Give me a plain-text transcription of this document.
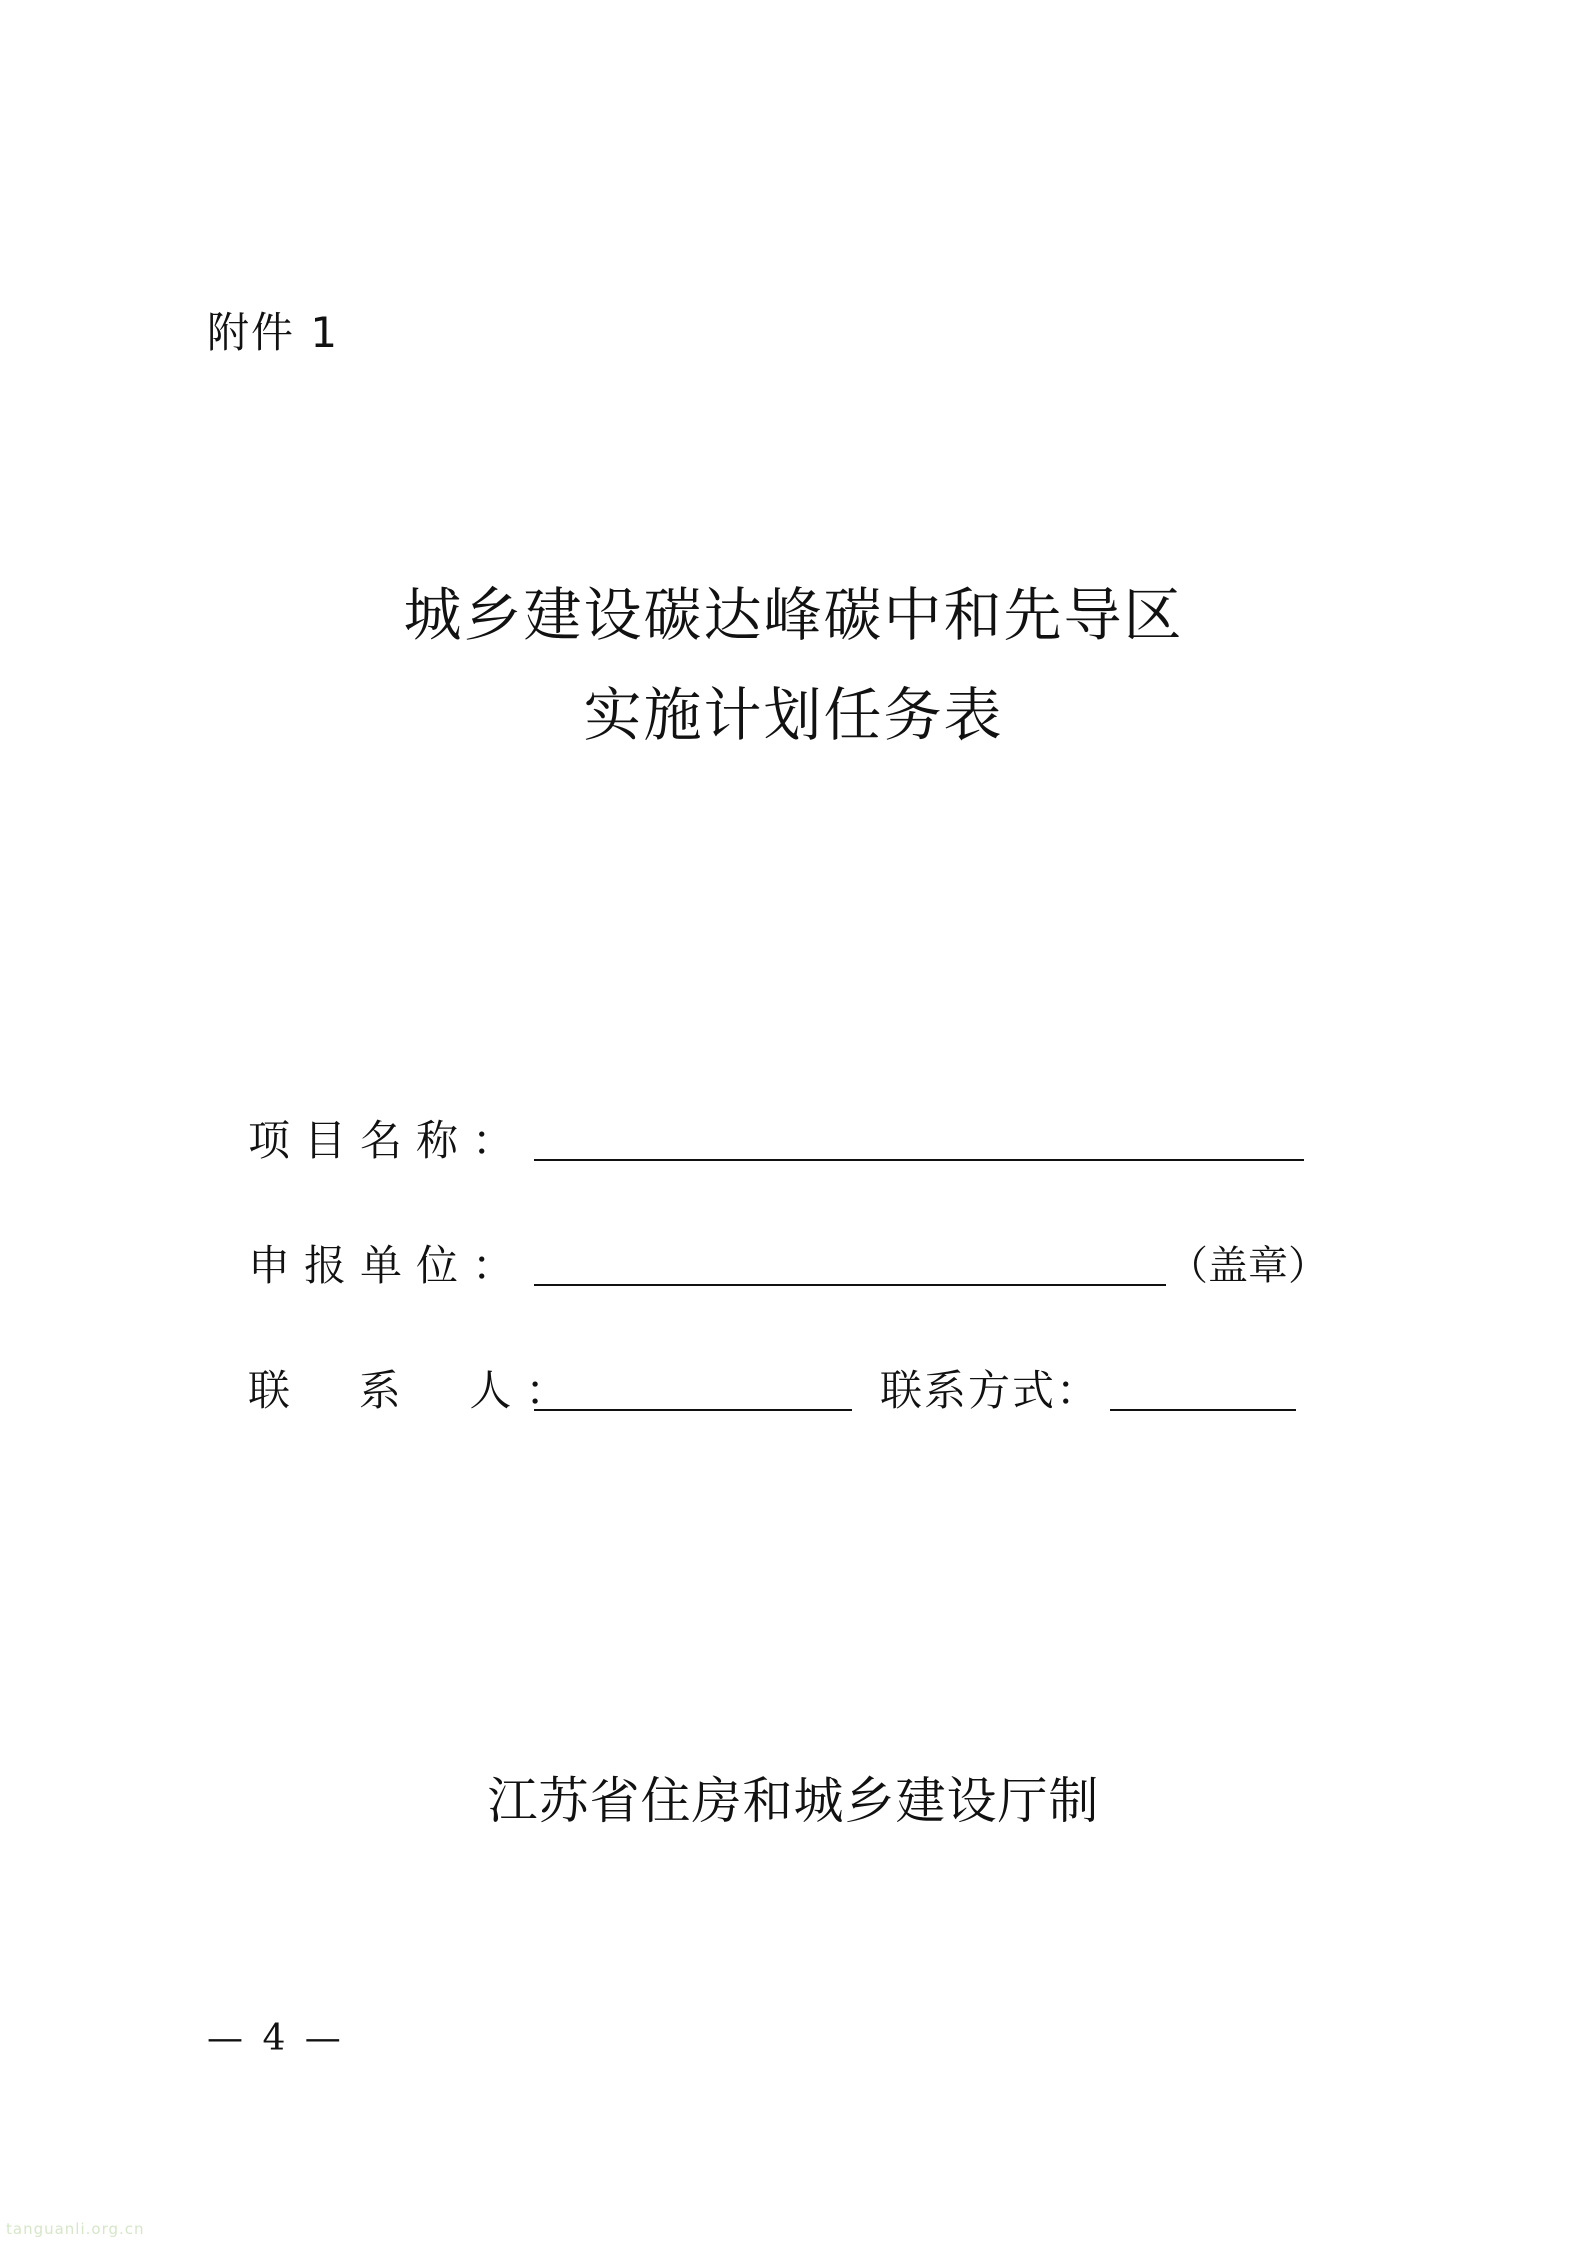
附件 1
城乡建设碳达峰碳中和先导区
实施计划任务表
项目名称：
申报单位：	（盖章）
联  系  人：	联系方式：
江苏省住房和城乡建设厅制
— 4 —
tanguanli.org.cn
